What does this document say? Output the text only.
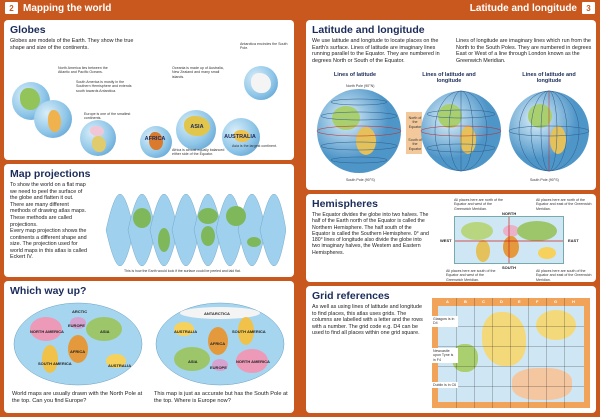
2 Mapping the world	Latitude and longitude	3
Globes
Globes are models of the Earth. They show the true shape and size of the continents.
North America lies between the Atlantic and Pacific Oceans.
South America is mostly in the Southern Hemisphere and extends south towards Antarctica.
Europe is one of the smallest continents.
Antarctica encircles the South Pole.
Oceania is made up of Australia, New Zealand and many small islands.
Asia is the largest continent.
Africa is almost equally balanced either side of the Equator.
AUSTRALIA
ASIA
AFRICA
Map projections
To show the world on a flat map we need to peel the surface of the globe and flatten it out. There are many different methods of drawing atlas maps. These methods are called projections.
Every map projection shows the continents a different shape and size. The projection used for world maps in this atlas is called Eckert IV.
This is how the Earth would look if the surface could be peeled and laid flat.
Which way up?
ARCTIC
NORTH AMERICA
EUROPE
ASIA
AFRICA
SOUTH AMERICA	AUSTRALIA
ANTARCTICA
AUSTRALIA	SOUTH AMERICA
AFRICA
ASIA
EUROPE
NORTH AMERICA
World maps are usually drawn with the North Pole at the top. Can you find Europe?
This map is just as accurate but has the South Pole at the top. Where is Europe now?
Latitude and longitude
We use latitude and longitude to locate places on the Earth's surface. Lines of latitude are imaginary lines running parallel to the Equator. They are numbered in degrees North or South of the Equator.
Lines of longitude are imaginary lines which run from the North to the South Poles. They are numbered in degrees East or West of a line through London known as the Greenwich Meridian.
Lines of latitude	Lines of latitude and longitude
Lines of latitude and longitude
North of the Equator
South of the Equator
North Pole (90°N)
South Pole (90°S)	South Pole (90°S)
Hemispheres
The Equator divides the globe into two halves. The half of the Earth north of the Equator is called the Northern Hemisphere. The half south of the Equator is called the Southern Hemisphere. 0° and 180° lines of longitude also divide the globe into two imaginary halves, the Western and Eastern Hemispheres.
NORTH
SOUTH
WEST	EAST
All places here are north of the Equator and west of the Greenwich Meridian.
All places here are north of the Equator and east of the Greenwich Meridian.
All places here are south of the Equator and west of the Greenwich Meridian.
All places here are south of the Equator and east of the Greenwich Meridian.
Grid references
As well as using lines of latitude and longitude to find places, this atlas uses grids. The columns are labelled with a letter and the rows with a number. The grid code e.g. D4 can be used to find all places within one grid square.
A	B	C	D	E	F	G	H
Glasgow is in D4
Newcastle upon Tyne is in F4
Dublin is in C6
